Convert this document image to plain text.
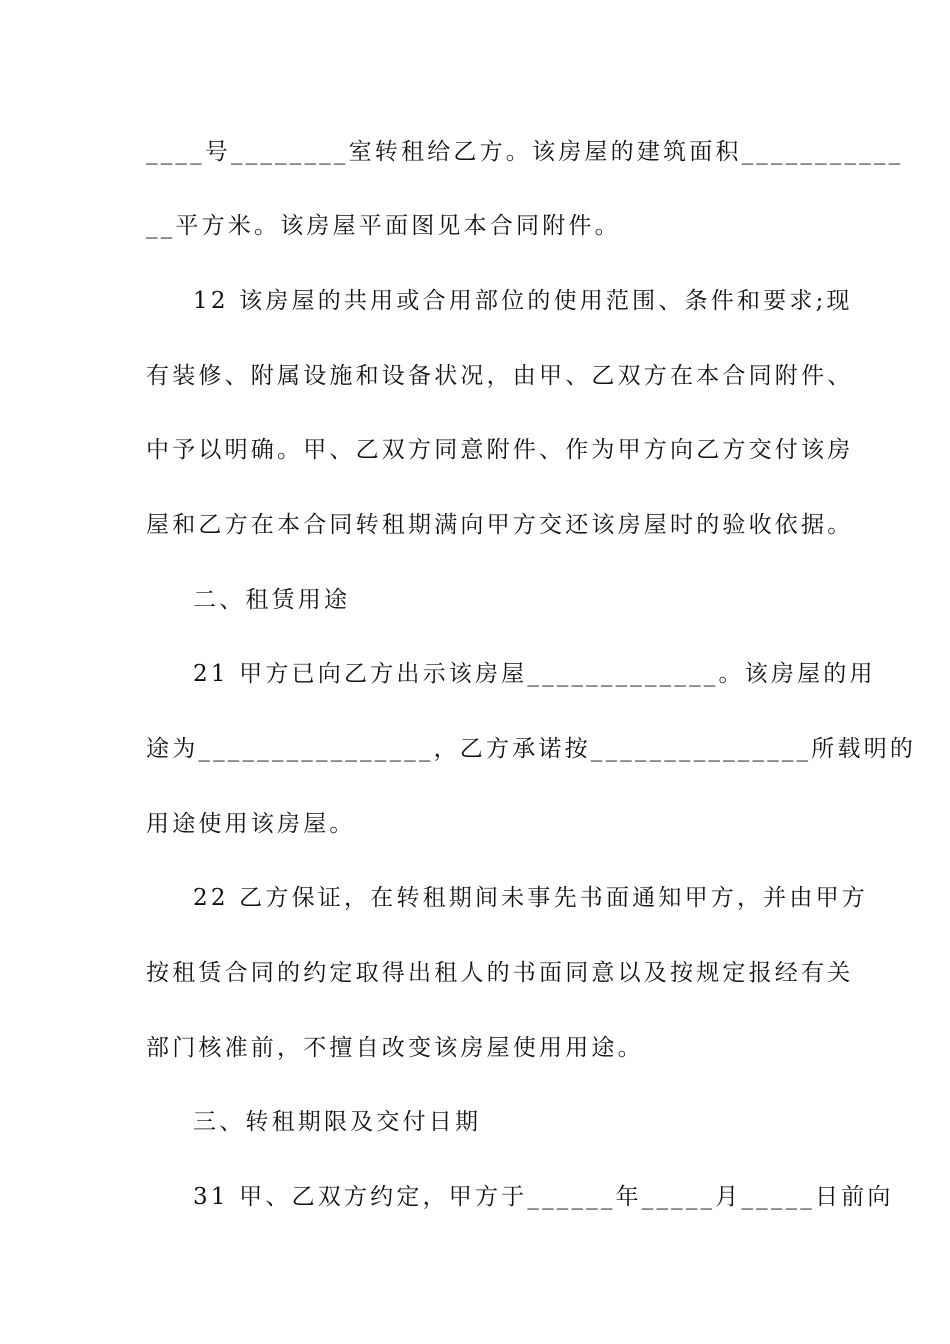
____号________室转租给乙方。该房屋的建筑面积___________
__平方米。该房屋平面图见本合同附件。
12 该房屋的共用或合用部位的使用范围、条件和要求;现
有装修、附属设施和设备状况，由甲、乙双方在本合同附件、
中予以明确。甲、乙双方同意附件、作为甲方向乙方交付该房
屋和乙方在本合同转租期满向甲方交还该房屋时的验收依据。
二、租赁用途
21 甲方已向乙方出示该房屋_____________。该房屋的用
途为________________，乙方承诺按_______________所载明的
用途使用该房屋。
22 乙方保证，在转租期间未事先书面通知甲方，并由甲方
按租赁合同的约定取得出租人的书面同意以及按规定报经有关
部门核准前，不擅自改变该房屋使用用途。
三、转租期限及交付日期
31 甲、乙双方约定，甲方于______年_____月_____日前向
